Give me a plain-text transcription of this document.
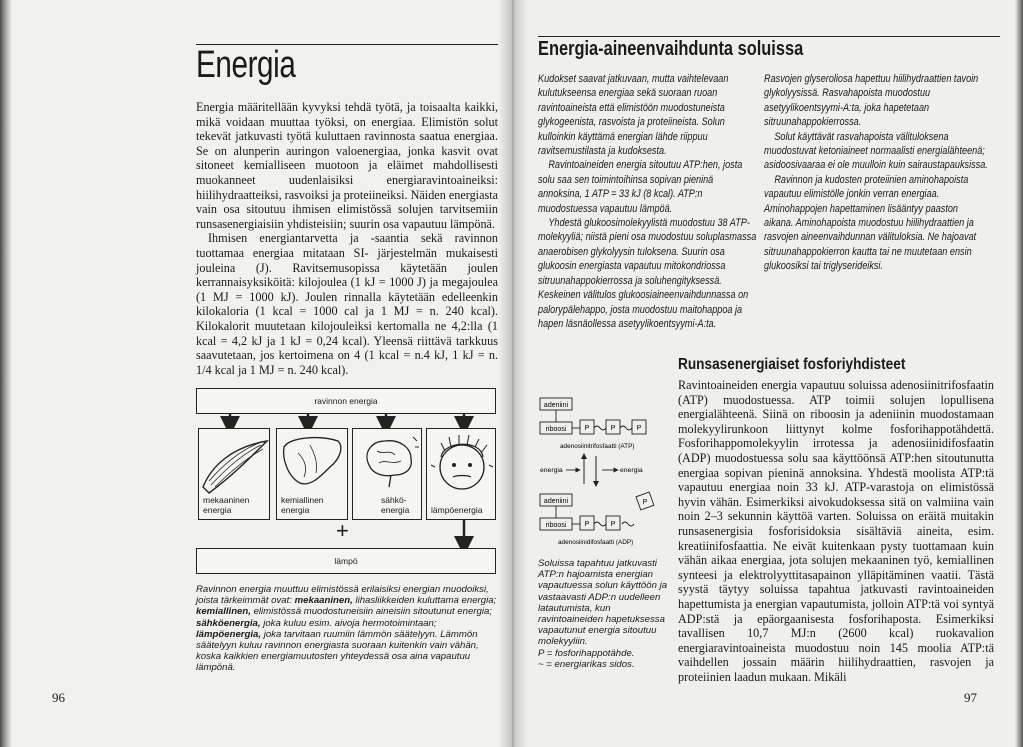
Energia

Energia määritellään kyvyksi tehdä työtä, ja toisaalta kaikki, mikä voidaan muuttaa työksi, on energiaa. Elimistön solut tekevät jatkuvasti työtä kuluttaen ravinnosta saatua energiaa. Se on alunperin auringon valoenergiaa, jonka kasvit ovat sitoneet kemialliseen muotoon ja eläimet mahdollisesti muokanneet uudenlaisiksi energiaravintoaineiksi: hiilihydraatteiksi, rasvoiksi ja proteiineiksi. Näiden energiasta vain osa sitoutuu ihmisen elimistössä solujen tarvitsemiin runsasenergiaisiin yhdisteisiin; suurin osa vapautuu lämpönä.

Ihmisen energiantarvetta ja -saantia sekä ravinnon tuottamaa energiaa mitataan SI- järjestelmän mukaisesti jouleina (J). Ravitsemusopissa käytetään joulen kerrannaisyksiköitä: kilojoulea (1 kJ = 1000 J) ja megajoulea (1 MJ = 1000 kJ). Joulen rinnalla käytetään edelleenkin kilokaloria (1 kcal = 1000 cal ja 1 MJ = n. 240 kcal). Kilokalorit muutetaan kilojouleiksi kertomalla ne 4,2:lla (1 kcal = 4,2 kJ ja 1 kJ = 0,24 kcal). Yleensä riittävä tarkkuus saavutetaan, jos kertoimena on 4 (1 kcal = n.4 kJ, 1 kJ = n. 1/4 kcal ja 1 MJ = n. 240 kcal).

ravinnon energia
mekaaninen energia
kemiallinen energia
sähkö-energia	lämpöenergia
+
lämpö
Ravinnon energia muuttuu elimistössä erilaisiksi energian muodoiksi, joista tärkeimmät ovat: mekaaninen, lihasliikkeiden kuluttama energia; kemiallinen, elimistössä muodostuneisiin aineisiin sitoutunut energia; sähköenergia, joka kuluu esim. aivoja hermotoimintaan; lämpöenergia, joka tarvitaan ruumiin lämmön säätelyyn. Lämmön säätelyyn kuluu ravinnon energiasta suoraan kuitenkin vain vähän, koska kaikkien energiamuutosten yhteydessä osa aina vapautuu lämpönä.
96
Energia-aineenvaihdunta soluissa

Kudokset saavat jatkuvaan, mutta vaihtelevaan kulutukseensa energiaa sekä suoraan ruoan ravintoaineista että elimistöön muodostuneista glykogeenista, rasvoista ja proteiineista. Solun kulloinkin käyttämä energian lähde riippuu ravitsemustilasta ja kudoksesta.

Ravintoaineiden energia sitoutuu ATP:hen, josta solu saa sen toimintoihinsa sopivan pieninä annoksina, 1 ATP = 33 kJ (8 kcal). ATP:n muodostuessa vapautuu lämpöä.

Yhdestä glukoosimolekyylistä muodostuu 38 ATP-molekyyliä; niistä pieni osa muodostuu soluplasmassa anaerobisen glykolyysin tuloksena. Suurin osa glukoosin energiasta vapautuu mitokondriossa sitruunahappokierrossa ja soluhengityksessä. Keskeinen välitulos glukoosiaineenvaihdunnassa on palorypälehappo, josta muodostuu maitohappoa ja hapen läsnäollessa asetyylikoentsyymi-A:ta.

Rasvojen glyseroliosa hapettuu hiilihydraattien tavoin glykolyysissä. Rasvahapoista muodostuu asetyylikoentsyymi-A:ta, joka hapetetaan sitruunahappokierrossa.

Solut käyttävät rasvahapoista välituloksena muodostuvat ketoniaineet normaalisti energialähteenä; asidoosivaaraa ei ole muulloin kuin sairaustapauksissa.

Ravinnon ja kudosten proteiinien aminohapoista vapautuu elimistölle jonkin verran energiaa. Aminohappojen hapettaminen lisääntyy paaston aikana. Aminohapoista muodostuu hiilihydraattien ja rasvojen aineenvaihdunnan välituloksia. Ne hajoavat sitruunahappokierron kautta tai ne muutetaan ensin glukoosiksi tai triglyserideiksi.

adeniini
riboosi	P	P	P
adenosiinitrifosfaatti (ATP)
energia	energia
adeniini
riboosi	P	P
P
adenosiinidifosfaatti (ADP)
Soluissa tapahtuu jatkuvasti ATP:n hajoamista energian vapautuessa solun käyttöön ja vastaavasti ADP:n uudelleen latautumista, kun ravintoaineiden hapetuksessa vapautunut energia sitoutuu molekyyliin.
P = fosforihappotähde.
~ = energiarikas sidos.
Runsasenergiaiset fosforiyhdisteet
Ravintoaineiden energia vapautuu soluissa adenosiinitrifosfaatin (ATP) muodostuessa. ATP toimii solujen lopullisena energialähteenä. Siinä on riboosin ja adeniinin muodostamaan molekyylirunkoon liittynyt kolme fosforihappotähdettä. Fosforihappomolekyylin irrotessa ja adenosiinidifosfaatin (ADP) muodostuessa solu saa käyttöönsä ATP:hen sitoutunutta energiaa sopivan pieninä annoksina. Yhdestä moolista ATP:tä vapautuu energiaa noin 33 kJ. ATP-varastoja on elimistössä hyvin vähän. Esimerkiksi aivokudoksessa sitä on valmiina vain noin 2–3 sekunnin käyttöä varten. Soluissa on eräitä muitakin runsasenergisia fosforisidoksia sisältäviä aineita, esim. kreatiinifosfaattia. Ne eivät kuitenkaan pysty tuottamaan kuin vähän aikaa energiaa, jota solujen mekaaninen työ, kemiallinen synteesi ja elektrolyyttitasapainon ylläpitäminen vaatii. Tästä syystä täytyy soluissa tapahtua jatkuvasti ravintoaineiden hapettumista ja energian vapautumista, jolloin ATP:tä voi syntyä ADP:stä ja epäorgaanisesta fosforihaposta. Esimerkiksi tavallisen 10,7 MJ:n (2600 kcal) ruokavalion energiaravintoaineista muodostuu noin 145 moolia ATP:tä vaihdellen jossain määrin hiilihydraattien, rasvojen ja proteiinien laadun mukaan. Mikäli
97
